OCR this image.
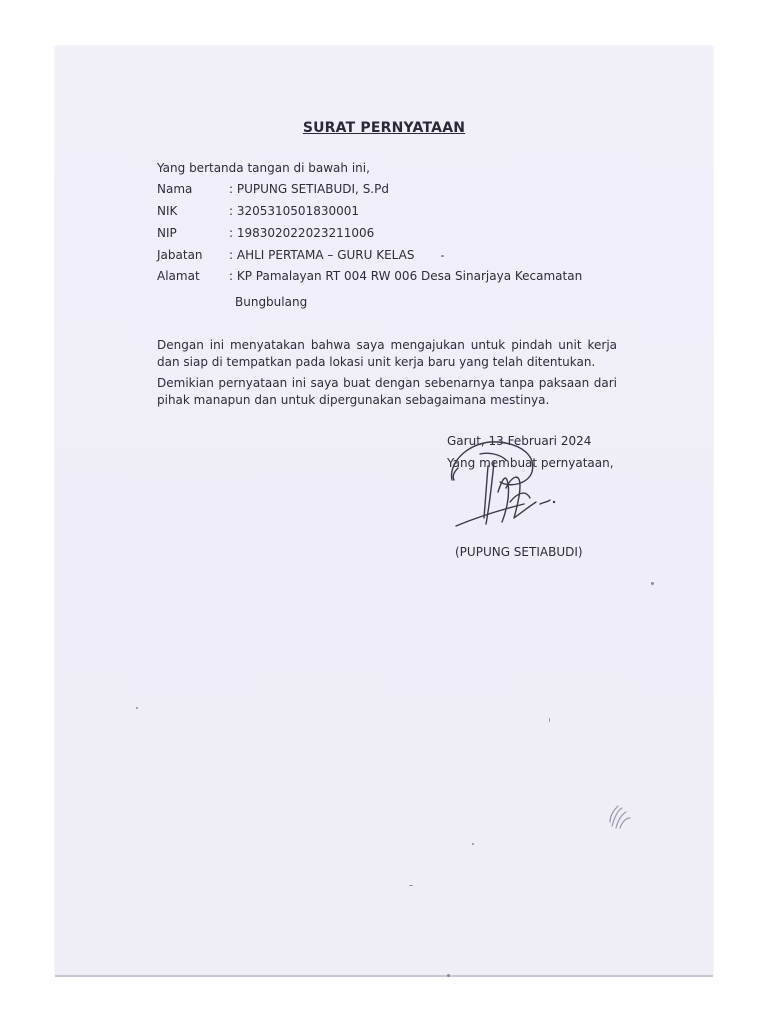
SURAT PERNYATAAN
Yang bertanda tangan di bawah ini,
Nama	: PUPUNG SETIABUDI, S.Pd
NIK	: 3205310501830001
NIP	: 198302022023211006
Jabatan : AHLI PERTAMA – GURU KELAS
Alamat : KP Pamalayan RT 004 RW 006 Desa Sinarjaya Kecamatan
Bungbulang
Dengan ini menyatakan bahwa saya mengajukan untuk pindah unit kerja dan siap di tempatkan pada lokasi unit kerja baru yang telah ditentukan.
Demikian pernyataan ini saya buat dengan sebenarnya tanpa paksaan dari pihak manapun dan untuk dipergunakan sebagaimana mestinya.
Garut, 13 Februari 2024
Yang membuat pernyataan,
(PUPUNG SETIABUDI)
